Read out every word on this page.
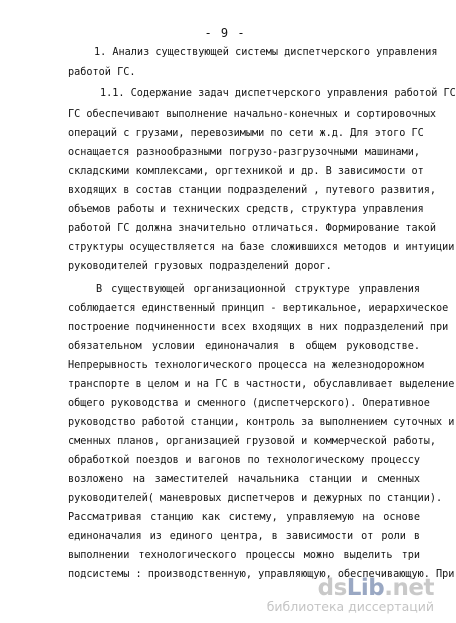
- 9 -
1. Анализ существующей системы диспетчерского управления
работой ГС.
1.1. Содержание задач диспетчерского управления работой ГС
ГС обеспечивают выполнение начально-конечных и сортировочных
операций с грузами, перевозимыми по сети ж.д. Для этого ГС
оснащается разнообразными погрузо-разгрузочными машинами,
складскими комплексами, оргтехникой и др. В зависимости от
входящих в состав станции подразделений , путевого развития,
объемов работы и технических средств, структура управления
работой ГС должна значительно отличаться. Формирование такой
структуры осуществляется на базе сложившихся методов и интуиции
руководителей грузовых подразделений дорог.
В существующей организационной структуре управления
соблюдается единственный принцип - вертикальное, иерархическое
построение подчиненности всех входящих в них подразделений при
обязательном условии единоначалия в общем руководстве.
Непрерывность технологического процесса на железнодорожном
транспорте в целом и на ГС в частности, обуславливает выделение
общего руководства и сменного (диспетчерского). Оперативное
руководство работой станции, контроль за выполнением суточных и
сменных планов, организацией грузовой и коммерческой работы,
обработкой поездов и вагонов по технологическому процессу
возложено на заместителей начальника станции и сменных
руководителей( маневровых диспетчеров и дежурных по станции).
Рассматривая станцию как систему, управляемую на основе
единоначалия из единого центра, в зависимости от роли в
выполнении технологического процессы можно выделить три
подсистемы : производственную, управляющую, обеспечивающую. При
dsLib.net
библиотека диссертаций
